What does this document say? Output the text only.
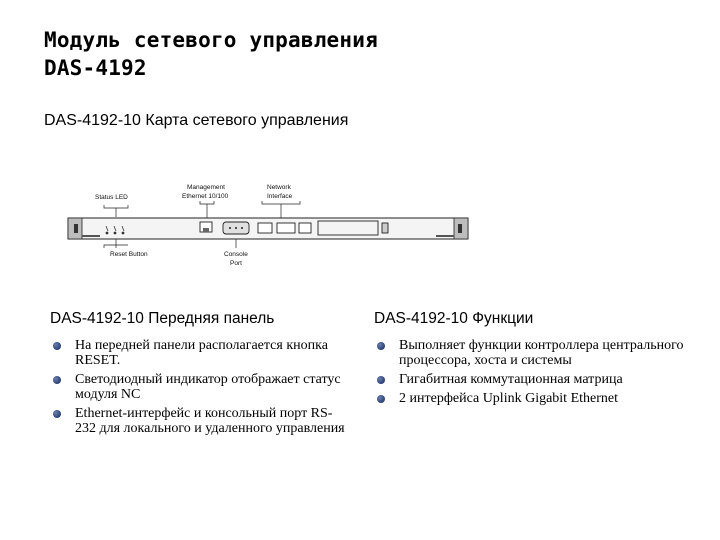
Модуль сетевого управления
DAS-4192
DAS-4192-10 Карта сетевого управления
Status LED
Management
Ethernet 10/100
Network
Interface
Reset Button	Console
Port
DAS-4192-10 Передняя панель
На передней панели располагается кнопка RESET.
Светодиодный индикатор отображает статус модуля NC
Ethernet-интерфейс и консольный порт RS-232 для локального и удаленного управления
DAS-4192-10 Функции
Выполняет функции контроллера центрального процессора, хоста и системы
Гигабитная коммутационная матрица
2 интерфейса Uplink Gigabit Ethernet
